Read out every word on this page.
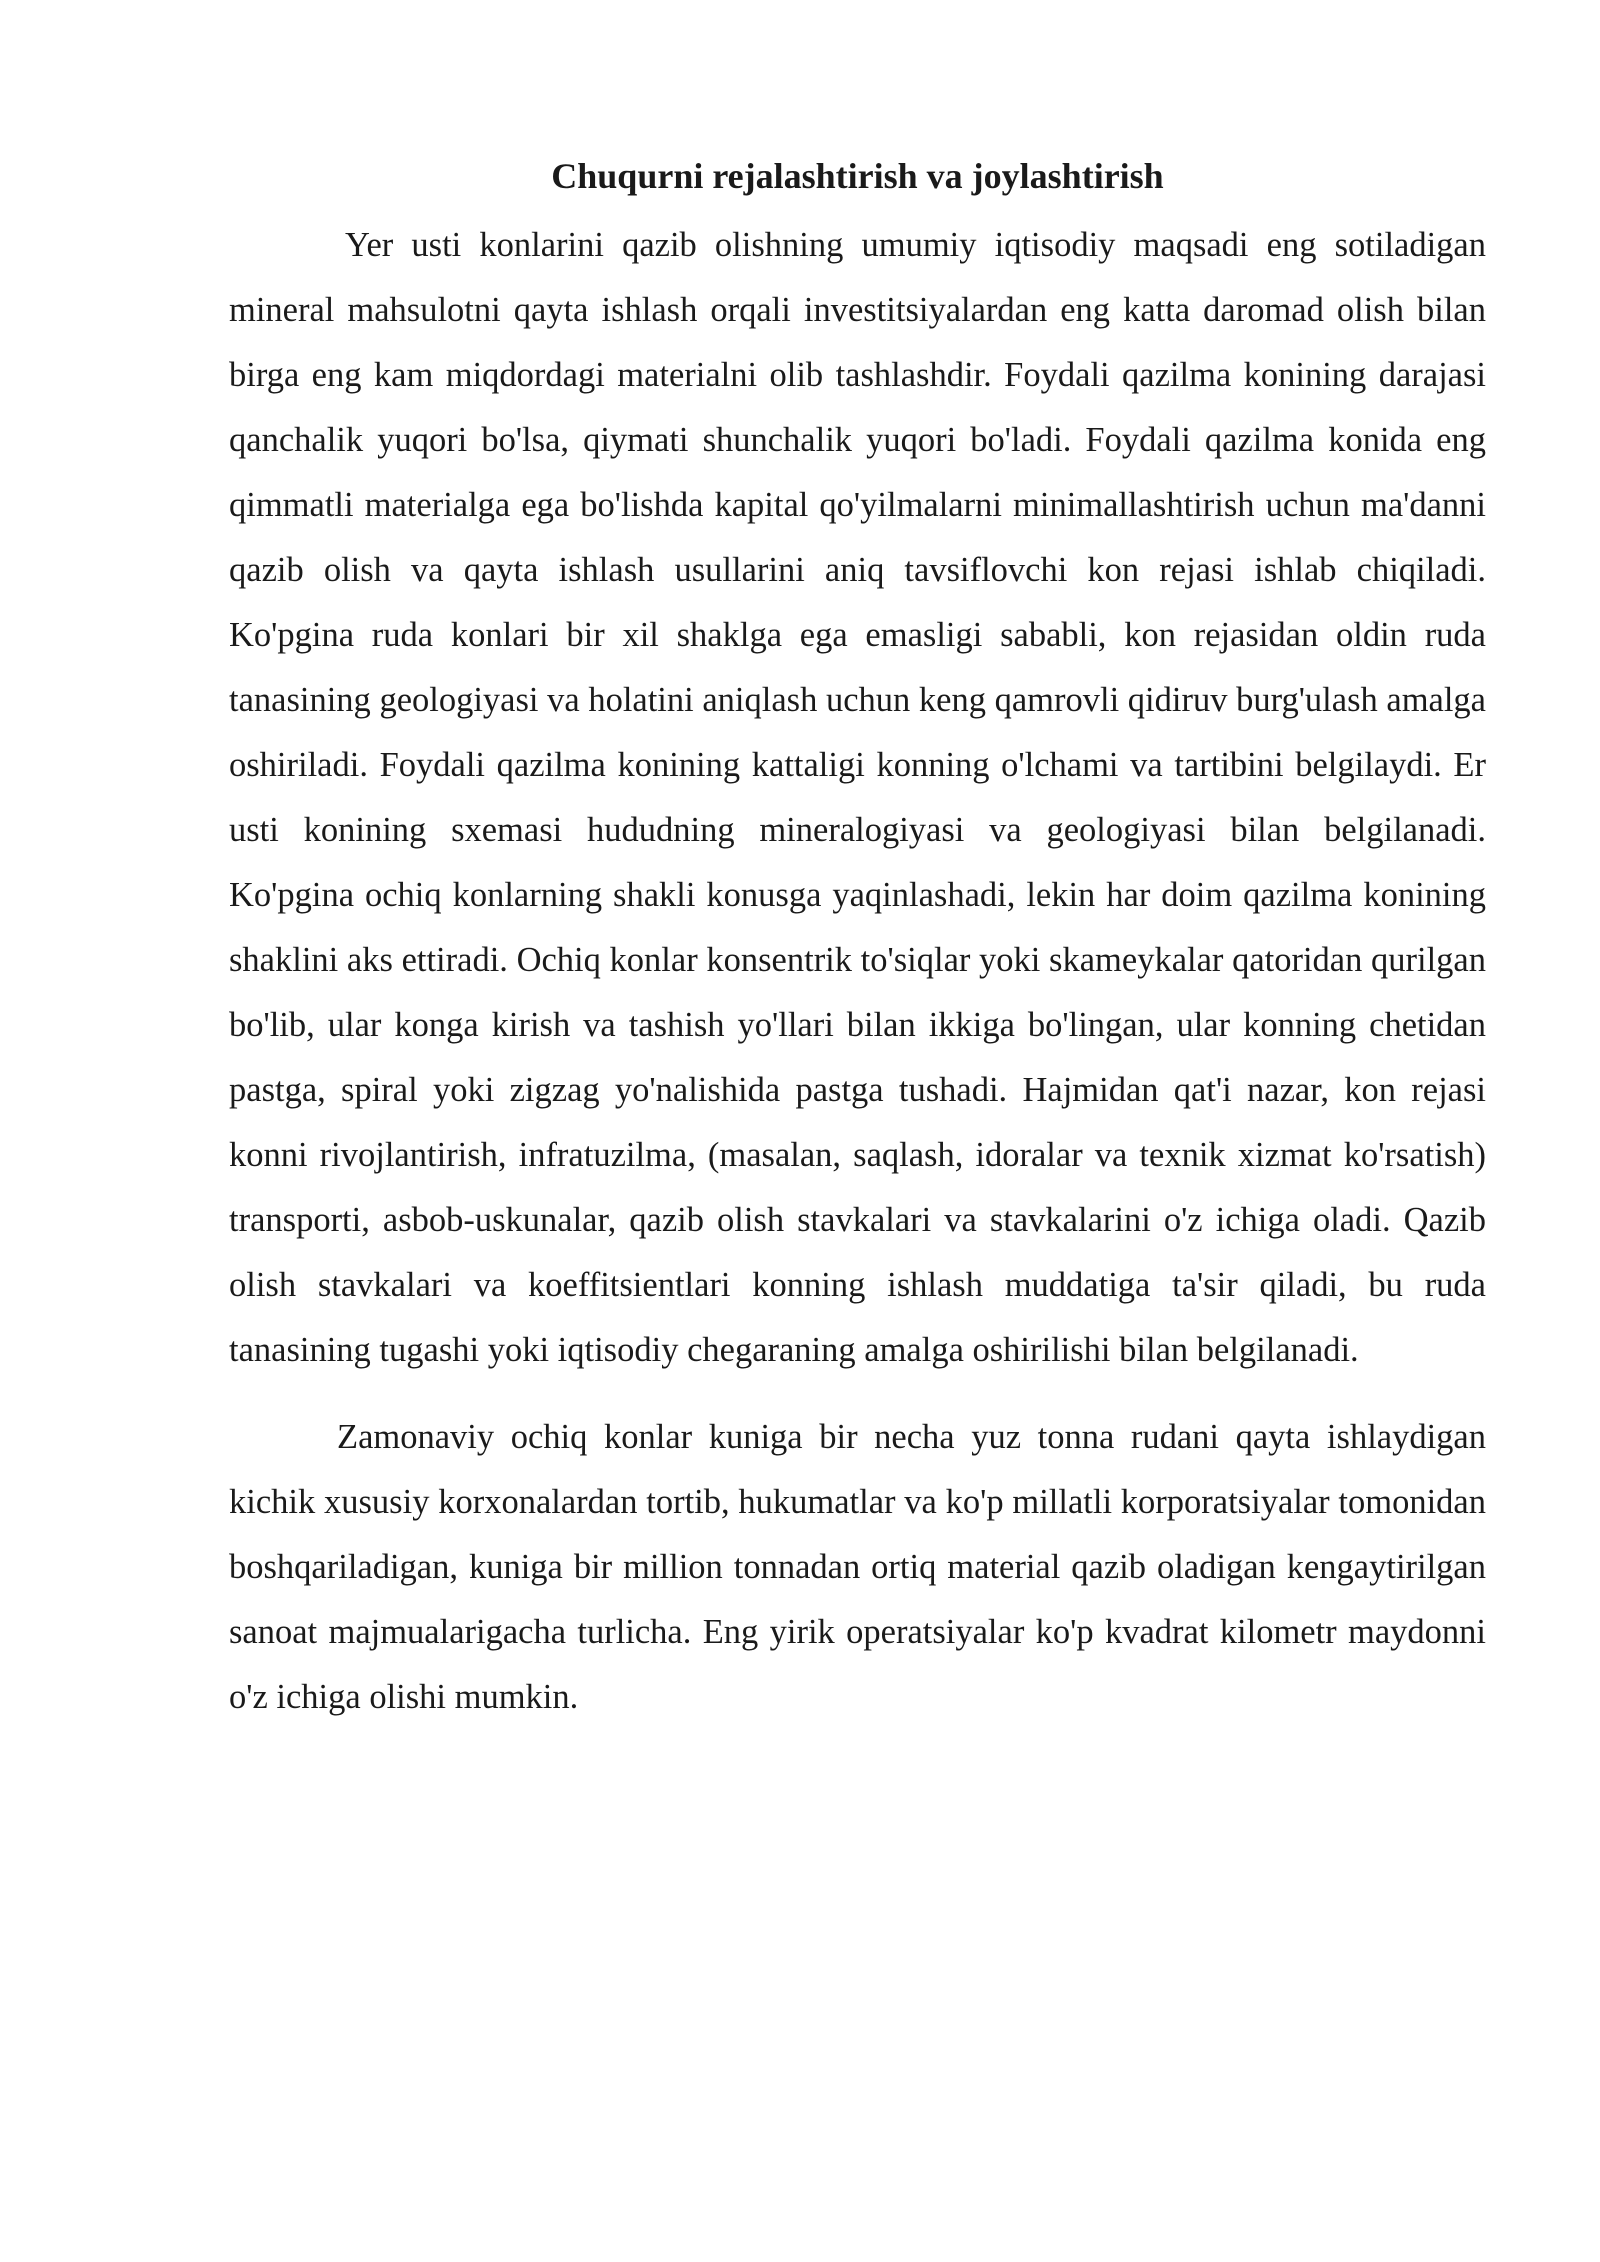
Chuqurni rejalashtirish va joylashtirish

Yer usti konlarini qazib olishning umumiy iqtisodiy maqsadi eng sotiladigan mineral mahsulotni qayta ishlash orqali investitsiyalardan eng katta daromad olish bilan birga eng kam miqdordagi materialni olib tashlashdir. Foydali qazilma konining darajasi qanchalik yuqori bo'lsa, qiymati shunchalik yuqori bo'ladi. Foydali qazilma konida eng qimmatli materialga ega bo'lishda kapital qo'yilmalarni minimallashtirish uchun ma'danni qazib olish va qayta ishlash usullarini aniq tavsiflovchi kon rejasi ishlab chiqiladi. Ko'pgina ruda konlari bir xil shaklga ega emasligi sababli, kon rejasidan oldin ruda tanasining geologiyasi va holatini aniqlash uchun keng qamrovli qidiruv burg'ulash amalga oshiriladi. Foydali qazilma konining kattaligi konning o'lchami va tartibini belgilaydi. Er usti konining sxemasi hududning mineralogiyasi va geologiyasi bilan belgilanadi. Ko'pgina ochiq konlarning shakli konusga yaqinlashadi, lekin har doim qazilma konining shaklini aks ettiradi. Ochiq konlar konsentrik to'siqlar yoki skameykalar qatoridan qurilgan bo'lib, ular konga kirish va tashish yo'llari bilan ikkiga bo'lingan, ular konning chetidan pastga, spiral yoki zigzag yo'nalishida pastga tushadi. Hajmidan qat'i nazar, kon rejasi konni rivojlantirish, infratuzilma, (masalan, saqlash, idoralar va texnik xizmat ko'rsatish) transporti, asbob-uskunalar, qazib olish stavkalari va stavkalarini o'z ichiga oladi. Qazib olish stavkalari va koeffitsientlari konning ishlash muddatiga ta'sir qiladi, bu ruda tanasining tugashi yoki iqtisodiy chegaraning amalga oshirilishi bilan belgilanadi.

Zamonaviy ochiq konlar kuniga bir necha yuz tonna rudani qayta ishlaydigan kichik xususiy korxonalardan tortib, hukumatlar va ko'p millatli korporatsiyalar tomonidan boshqariladigan, kuniga bir million tonnadan ortiq material qazib oladigan kengaytirilgan sanoat majmualarigacha turlicha. Eng yirik operatsiyalar ko'p kvadrat kilometr maydonni o'z ichiga olishi mumkin.
